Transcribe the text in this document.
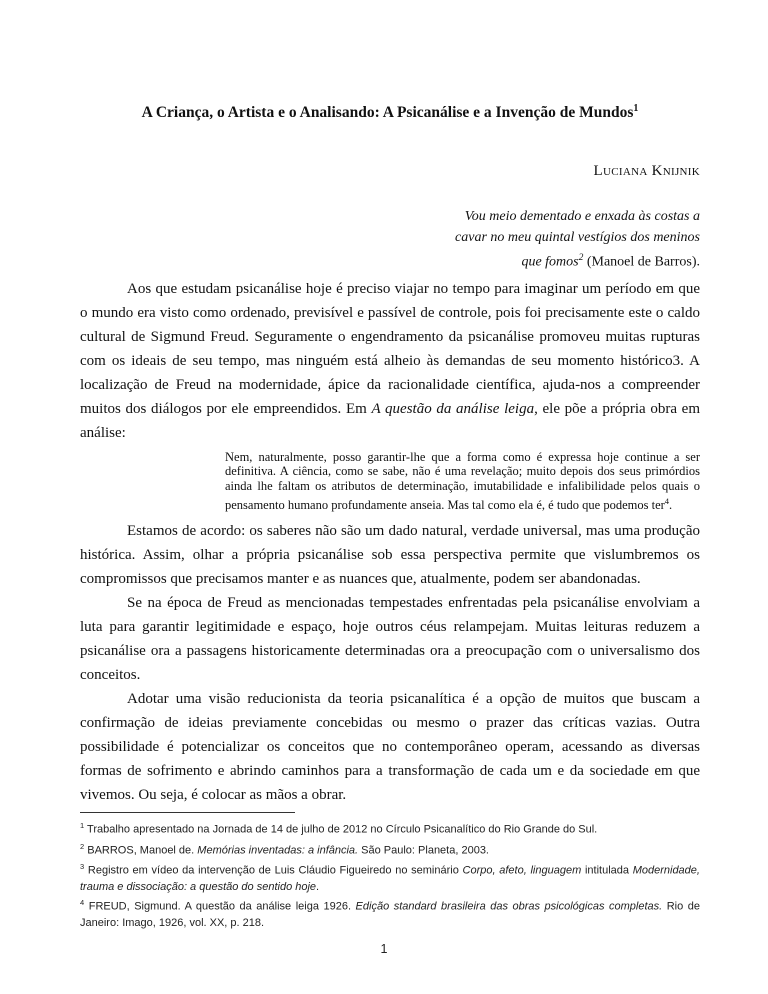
A Criança, o Artista e o Analisando: A Psicanálise e a Invenção de Mundos$^1$
Luciana Knijnik
Vou meio dementado e enxada às costas a
cavar no meu quintal vestígios dos meninos
que fomos$^2$ (Manoel de Barros).

Aos que estudam psicanálise hoje é preciso viajar no tempo para imaginar um período em que o mundo era visto como ordenado, previsível e passível de controle, pois foi precisamente este o caldo cultural de Sigmund Freud. Seguramente o engendramento da psicanálise promoveu muitas rupturas com os ideais de seu tempo, mas ninguém está alheio às demandas de seu momento histórico3. A localização de Freud na modernidade, ápice da racionalidade científica, ajuda-nos a compreender muitos dos diálogos por ele empreendidos. Em A questão da análise leiga, ele põe a própria obra em análise:

Nem, naturalmente, posso garantir-lhe que a forma como é expressa hoje continue a ser definitiva. A ciência, como se sabe, não é uma revelação; muito depois dos seus primórdios ainda lhe faltam os atributos de determinação, imutabilidade e infalibilidade pelos quais o pensamento humano profundamente anseia. Mas tal como ela é, é tudo que podemos ter$^4$.

Estamos de acordo: os saberes não são um dado natural, verdade universal, mas uma produção histórica. Assim, olhar a própria psicanálise sob essa perspectiva permite que vislumbremos os compromissos que precisamos manter e as nuances que, atualmente, podem ser abandonadas.

Se na época de Freud as mencionadas tempestades enfrentadas pela psicanálise envolviam a luta para garantir legitimidade e espaço, hoje outros céus relampejam. Muitas leituras reduzem a psicanálise ora a passagens historicamente determinadas ora a preocupação com o universalismo dos conceitos.

Adotar uma visão reducionista da teoria psicanalítica é a opção de muitos que buscam a confirmação de ideias previamente concebidas ou mesmo o prazer das críticas vazias. Outra possibilidade é potencializar os conceitos que no contemporâneo operam, acessando as diversas formas de sofrimento e abrindo caminhos para a transformação de cada um e da sociedade em que vivemos. Ou seja, é colocar as mãos a obrar.

$^1$ Trabalho apresentado na Jornada de 14 de julho de 2012 no Círculo Psicanalítico do Rio Grande do Sul.

$^2$ BARROS, Manoel de. Memórias inventadas: a infância. São Paulo: Planeta, 2003.

$^3$ Registro em vídeo da intervenção de Luis Cláudio Figueiredo no seminário Corpo, afeto, linguagem intitulada Modernidade, trauma e dissociação: a questão do sentido hoje.

$^4$ FREUD, Sigmund. A questão da análise leiga 1926. Edição standard brasileira das obras psicológicas completas. Rio de Janeiro: Imago, 1926, vol. XX, p. 218.

1
